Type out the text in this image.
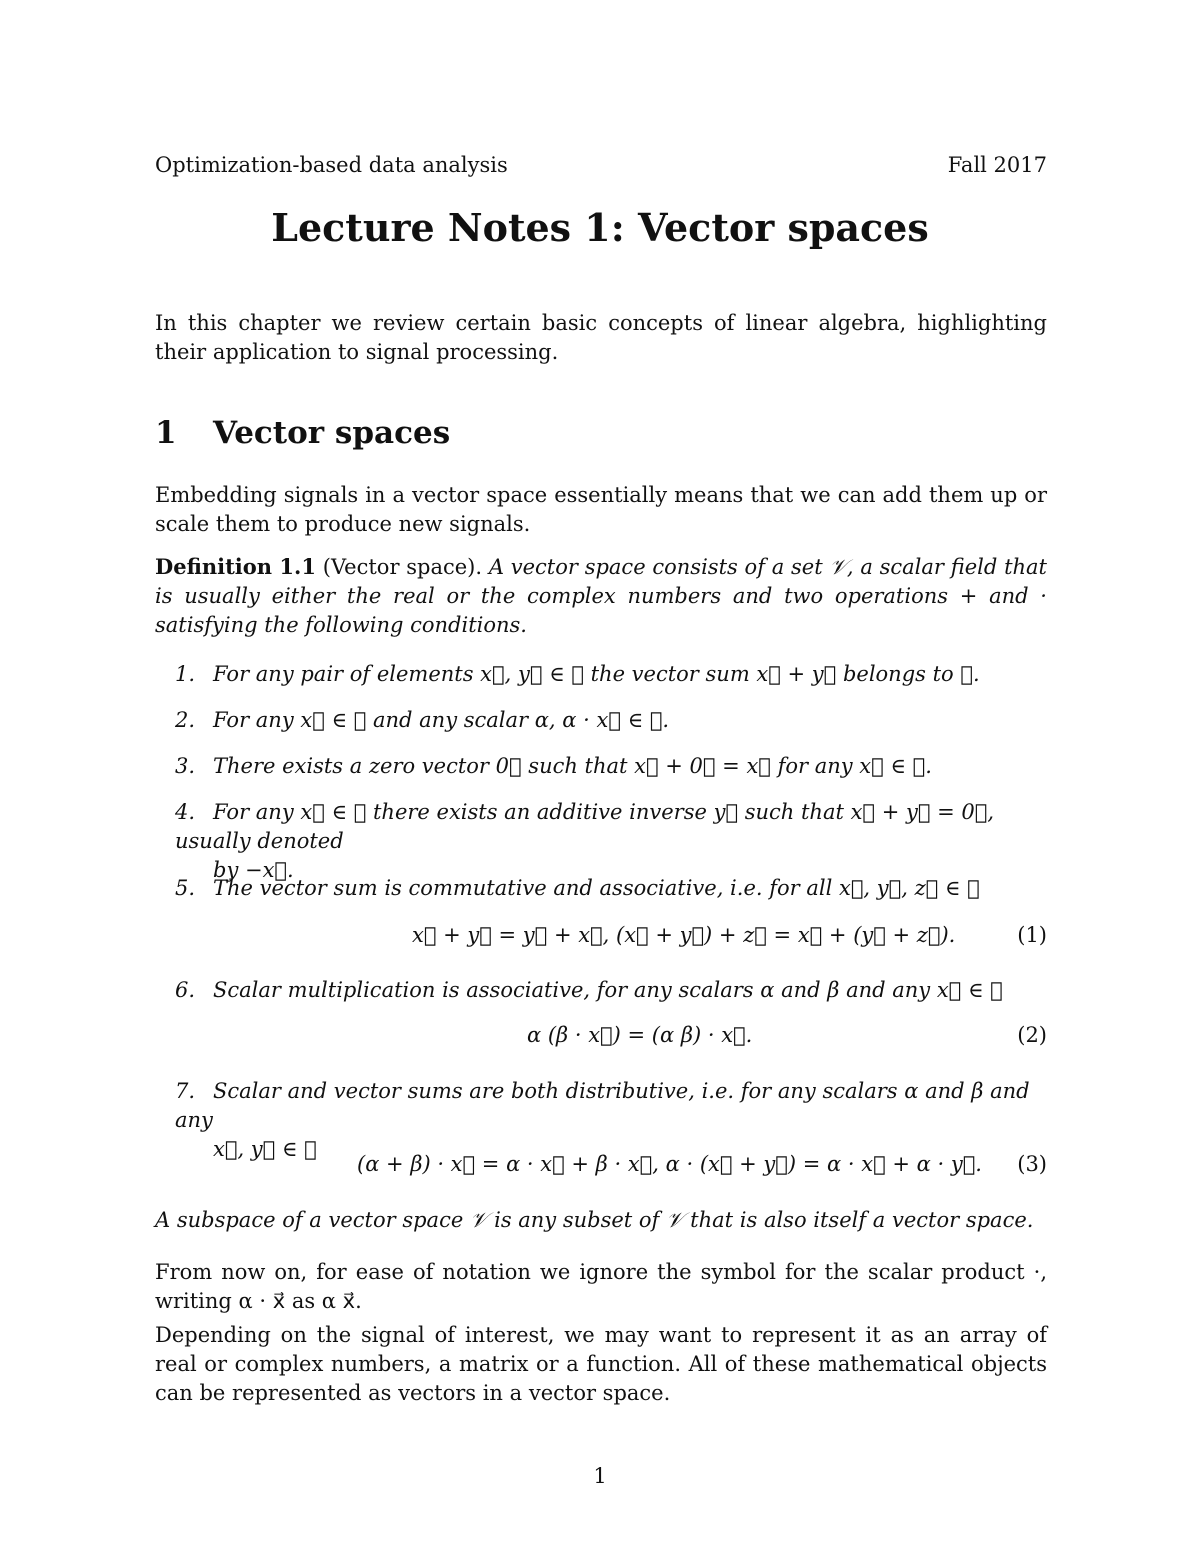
Optimization-based data analysis	Fall 2017
Lecture Notes 1: Vector spaces
In this chapter we review certain basic concepts of linear algebra, highlighting their application to signal processing.
1 Vector spaces
Embedding signals in a vector space essentially means that we can add them up or scale them to produce new signals.
Definition 1.1 (Vector space). A vector space consists of a set 𝒱, a scalar field that is usually either the real or the complex numbers and two operations + and · satisfying the following conditions.
1. For any pair of elements x⃗, y⃗ ∈ 𝒱 the vector sum x⃗ + y⃗ belongs to 𝒱.
2. For any x⃗ ∈ 𝒱 and any scalar α, α · x⃗ ∈ 𝒱.
3. There exists a zero vector 0⃗ such that x⃗ + 0⃗ = x⃗ for any x⃗ ∈ 𝒱.
4. For any x⃗ ∈ 𝒱 there exists an additive inverse y⃗ such that x⃗ + y⃗ = 0⃗, usually denoted
by −x⃗.
5. The vector sum is commutative and associative, i.e. for all x⃗, y⃗, z⃗ ∈ 𝒱
x⃗ + y⃗ = y⃗ + x⃗, (x⃗ + y⃗) + z⃗ = x⃗ + (y⃗ + z⃗).	(1)
6. Scalar multiplication is associative, for any scalars α and β and any x⃗ ∈ 𝒱
α (β · x⃗) = (α β) · x⃗.	(2)
7. Scalar and vector sums are both distributive, i.e. for any scalars α and β and any
x⃗, y⃗ ∈ 𝒱
(α + β) · x⃗ = α · x⃗ + β · x⃗, α · (x⃗ + y⃗) = α · x⃗ + α · y⃗. (3)
A subspace of a vector space 𝒱 is any subset of 𝒱 that is also itself a vector space.
From now on, for ease of notation we ignore the symbol for the scalar product ·, writing α · x⃗ as α x⃗.
Depending on the signal of interest, we may want to represent it as an array of real or complex numbers, a matrix or a function. All of these mathematical objects can be represented as vectors in a vector space.
1
